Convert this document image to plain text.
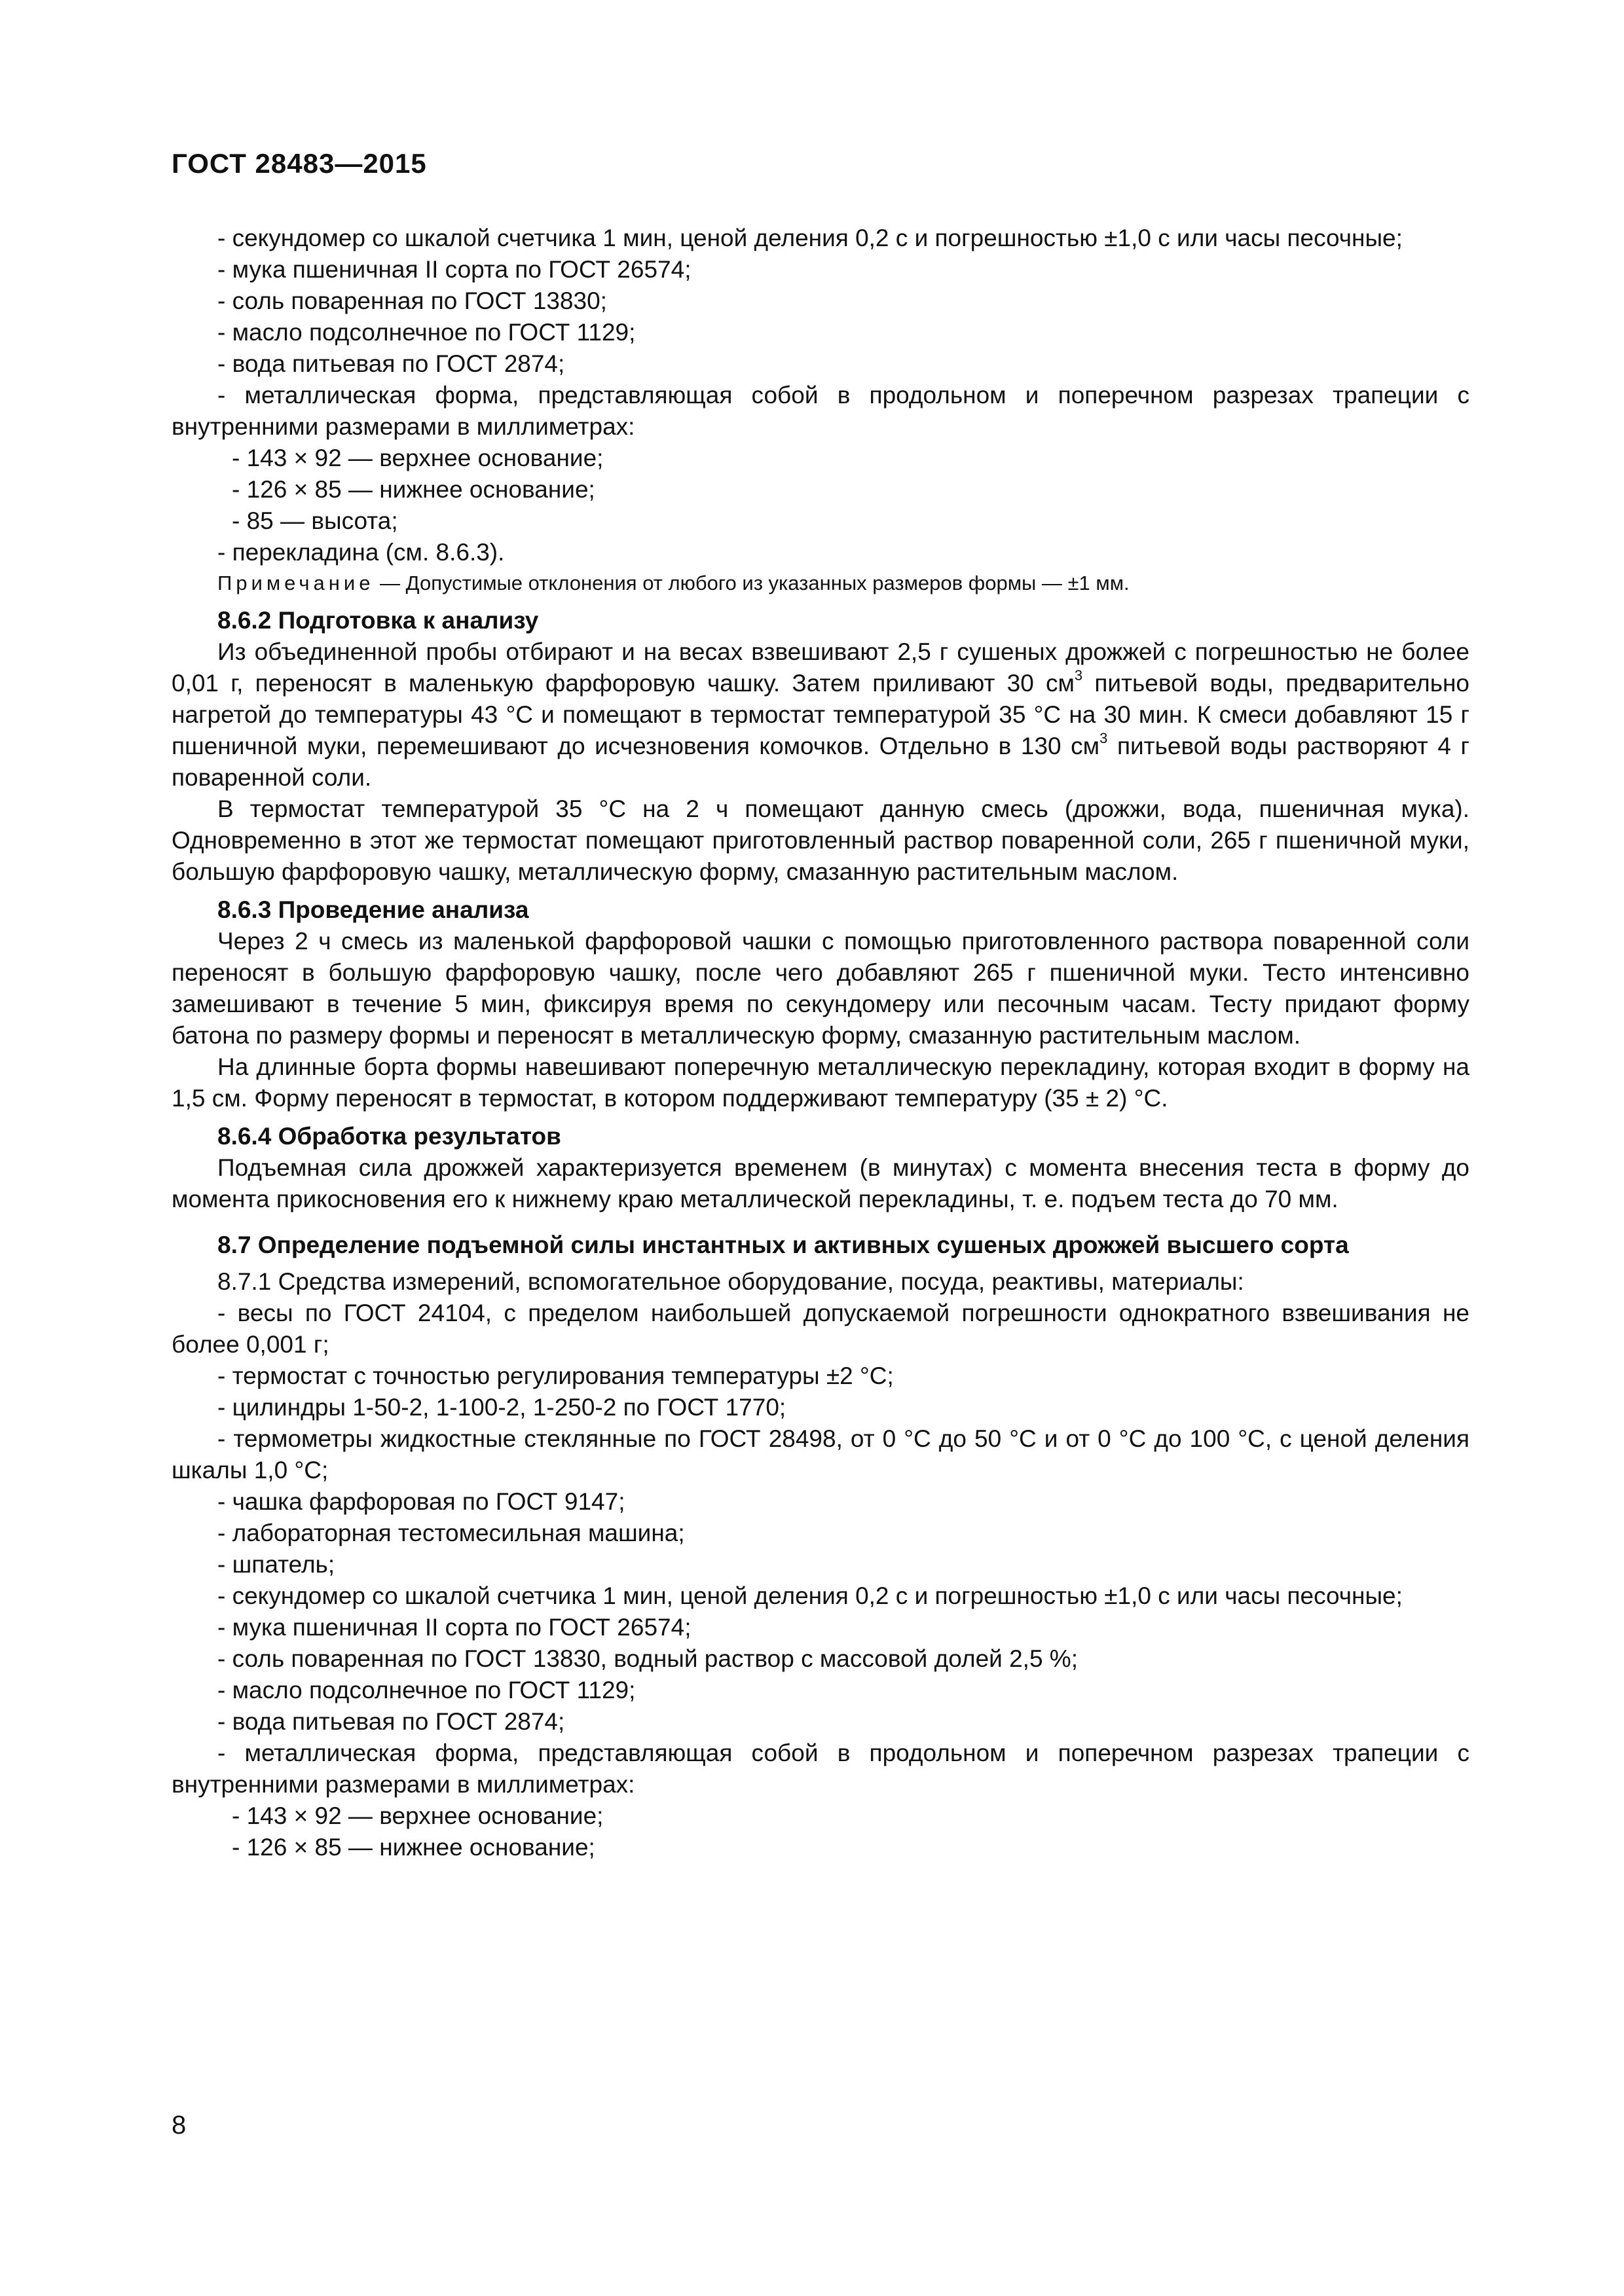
ГОСТ 28483—2015

- секундомер со шкалой счетчика 1 мин, ценой деления 0,2 с и погрешностью ±1,0 с или часы песочные;

- мука пшеничная II сорта по ГОСТ 26574;

- соль поваренная по ГОСТ 13830;

- масло подсолнечное по ГОСТ 1129;

- вода питьевая по ГОСТ 2874;

- металлическая форма, представляющая собой в продольном и поперечном разрезах трапеции с внутренними размерами в миллиметрах:

- 143 × 92 — верхнее основание;

- 126 × 85 — нижнее основание;

- 85 — высота;

- перекладина (см. 8.6.3).

Примечание — Допустимые отклонения от любого из указанных размеров формы — ±1 мм.

8.6.2 Подготовка к анализу

Из объединенной пробы отбирают и на весах взвешивают 2,5 г сушеных дрожжей с погрешностью не более 0,01 г, переносят в маленькую фарфоровую чашку. Затем приливают 30 $см^3$ питьевой воды, предварительно нагретой до температуры 43 °С и помещают в термостат температурой 35 °С на 30 мин. К смеси добавляют 15 г пшеничной муки, перемешивают до исчезновения комочков. Отдельно в 130 $см^3$ питьевой воды растворяют 4 г поваренной соли.

В термостат температурой 35 °С на 2 ч помещают данную смесь (дрожжи, вода, пшеничная мука). Одновременно в этот же термостат помещают приготовленный раствор поваренной соли, 265 г пшеничной муки, большую фарфоровую чашку, металлическую форму, смазанную растительным маслом.

8.6.3 Проведение анализа

Через 2 ч смесь из маленькой фарфоровой чашки с помощью приготовленного раствора поваренной соли переносят в большую фарфоровую чашку, после чего добавляют 265 г пшеничной муки. Тесто интенсивно замешивают в течение 5 мин, фиксируя время по секундомеру или песочным часам. Тесту придают форму батона по размеру формы и переносят в металлическую форму, смазанную растительным маслом.

На длинные борта формы навешивают поперечную металлическую перекладину, которая входит в форму на 1,5 см. Форму переносят в термостат, в котором поддерживают температуру (35 ± 2) °С.

8.6.4 Обработка результатов

Подъемная сила дрожжей характеризуется временем (в минутах) с момента внесения теста в форму до момента прикосновения его к нижнему краю металлической перекладины, т. е. подъем теста до 70 мм.

8.7 Определение подъемной силы инстантных и активных сушеных дрожжей высшего сорта

8.7.1 Средства измерений, вспомогательное оборудование, посуда, реактивы, материалы:

- весы по ГОСТ 24104, с пределом наибольшей допускаемой погрешности однократного взвешивания не более 0,001 г;

- термостат с точностью регулирования температуры ±2 °С;

- цилиндры 1-50-2, 1-100-2, 1-250-2 по ГОСТ 1770;

- термометры жидкостные стеклянные по ГОСТ 28498, от 0 °С до 50 °С и от 0 °С до 100 °С, с ценой деления шкалы 1,0 °С;

- чашка фарфоровая по ГОСТ 9147;

- лабораторная тестомесильная машина;

- шпатель;

- секундомер со шкалой счетчика 1 мин, ценой деления 0,2 с и погрешностью ±1,0 с или часы песочные;

- мука пшеничная II сорта по ГОСТ 26574;

- соль поваренная по ГОСТ 13830, водный раствор с массовой долей 2,5 %;

- масло подсолнечное по ГОСТ 1129;

- вода питьевая по ГОСТ 2874;

- металлическая форма, представляющая собой в продольном и поперечном разрезах трапеции с внутренними размерами в миллиметрах:

- 143 × 92 — верхнее основание;

- 126 × 85 — нижнее основание;

8
